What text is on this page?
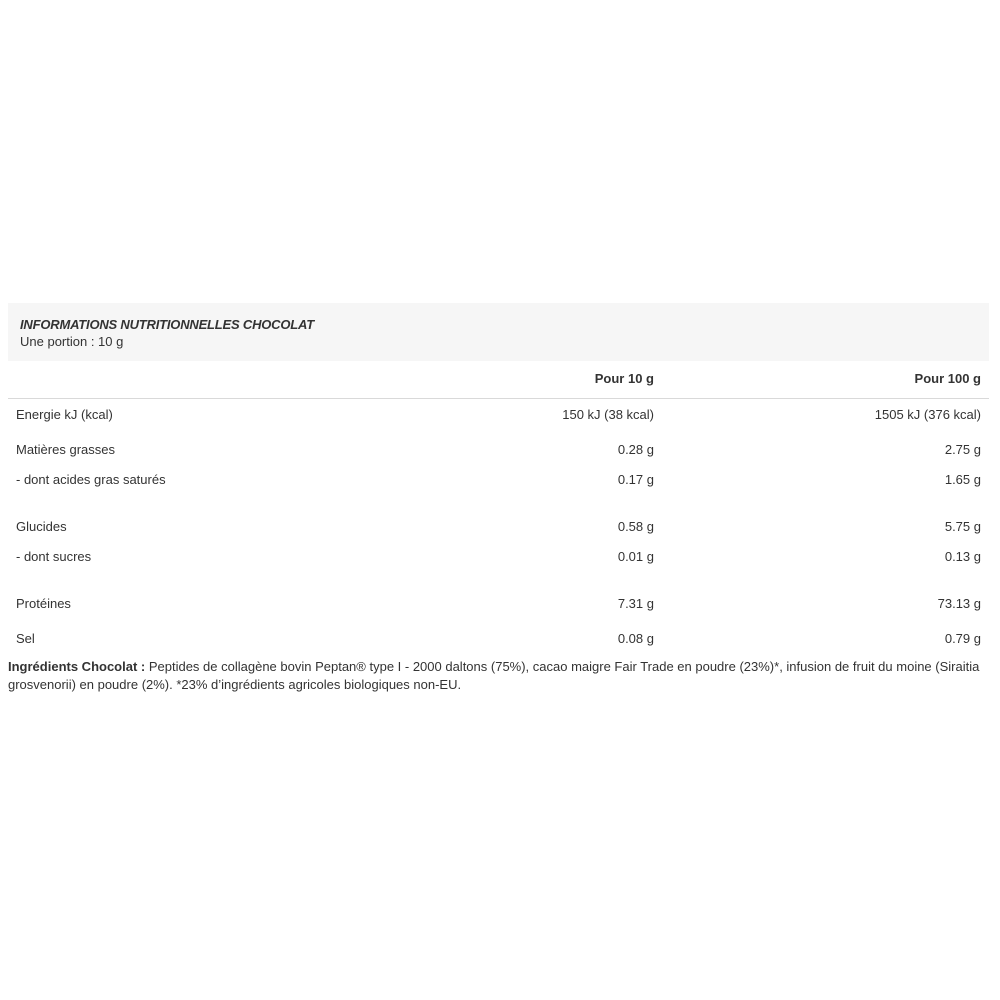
INFORMATIONS NUTRITIONNELLES CHOCOLAT
Une portion : 10 g
Pour 10 g	Pour 100 g
Energie kJ (kcal)	150 kJ (38 kcal)	1505 kJ (376 kcal)
Matières grasses	0.28 g	2.75 g
- dont acides gras saturés	0.17 g	1.65 g
Glucides	0.58 g	5.75 g
- dont sucres	0.01 g	0.13 g
Protéines	7.31 g	73.13 g
Sel	0.08 g	0.79 g
Ingrédients Chocolat : Peptides de collagène bovin Peptan® type I - 2000 daltons (75%), cacao maigre Fair Trade en poudre (23%)*, infusion de fruit du moine (Siraitia grosvenorii) en poudre (2%). *23% d’ingrédients agricoles biologiques non-EU.
